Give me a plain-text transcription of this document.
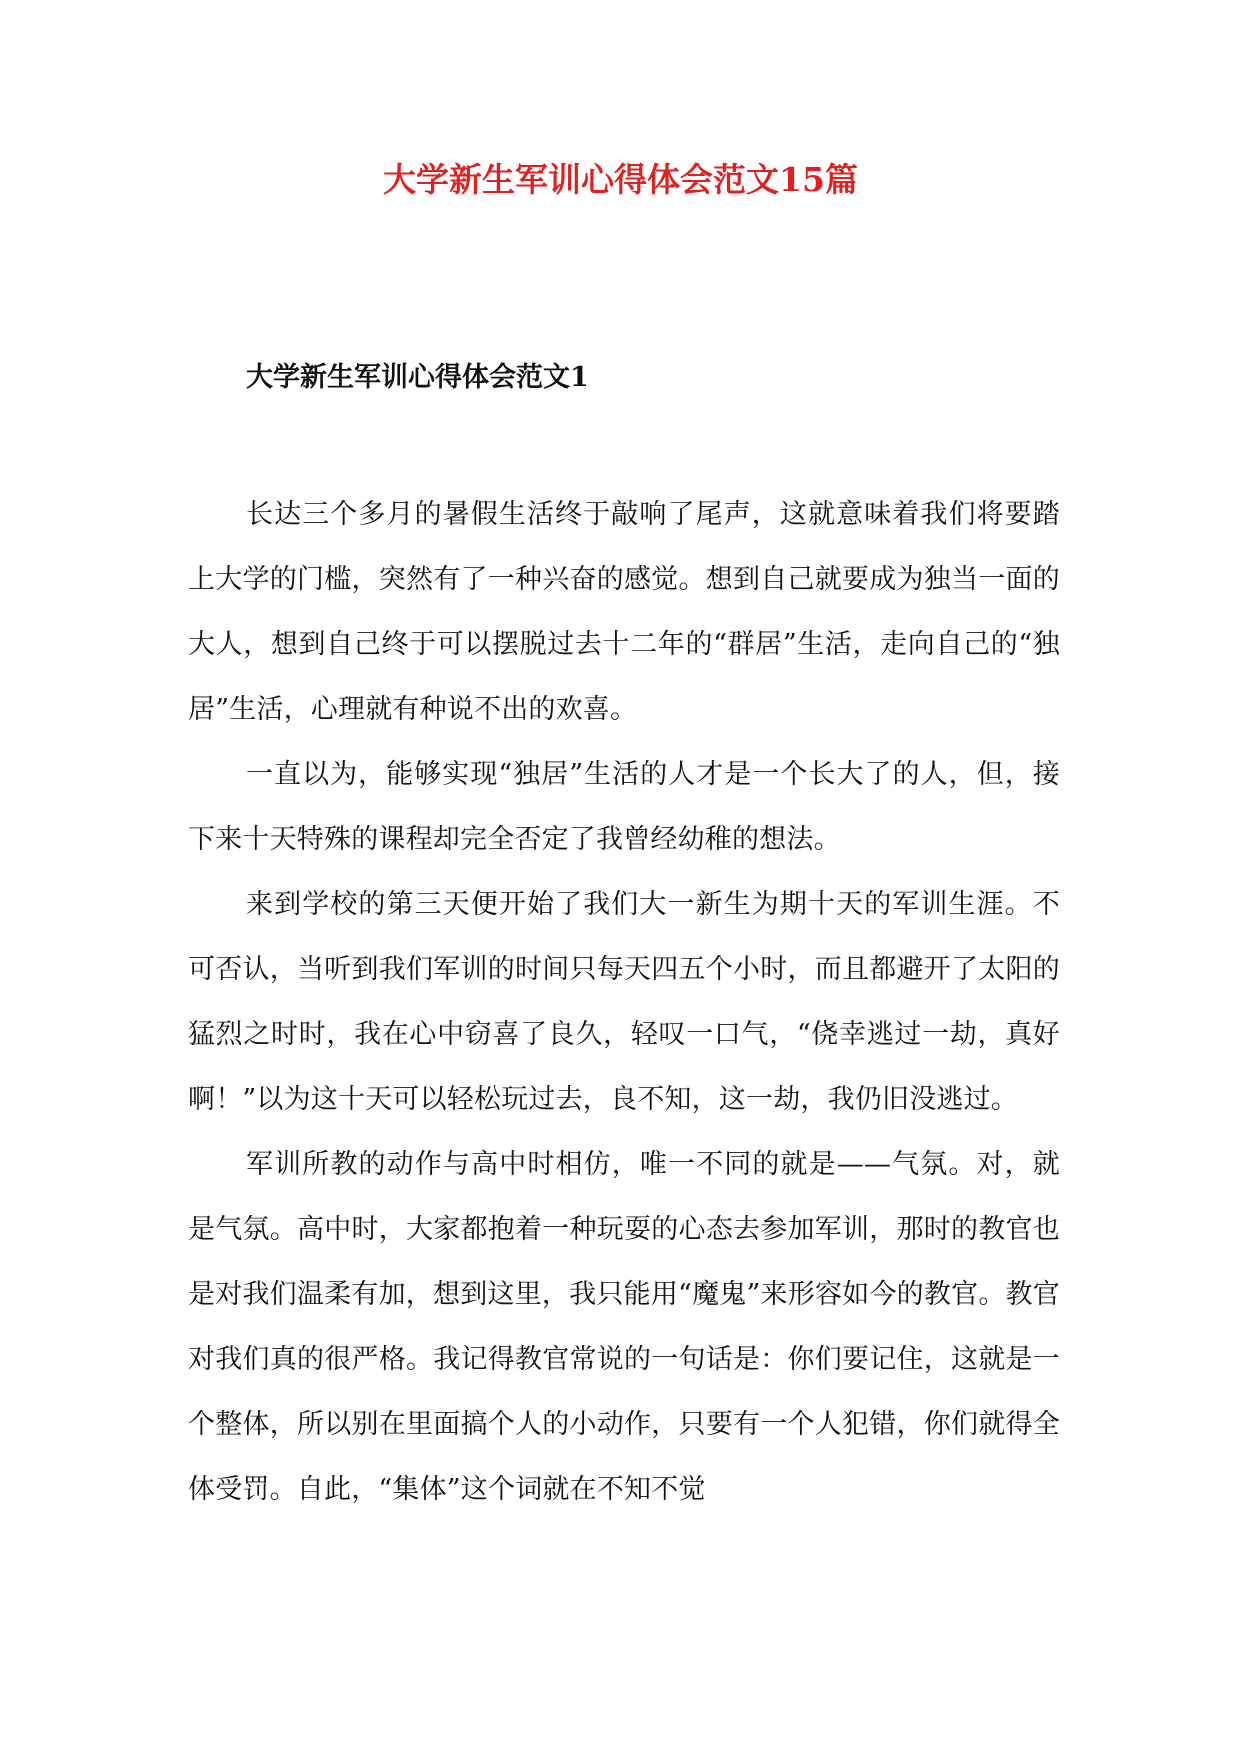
大学新生军训心得体会范文15篇
大学新生军训心得体会范文1

长达三个多月的暑假生活终于敲响了尾声，这就意味着我们将要踏上大学的门槛，突然有了一种兴奋的感觉。想到自己就要成为独当一面的大人，想到自己终于可以摆脱过去十二年的“群居”生活，走向自己的“独居”生活，心理就有种说不出的欢喜。

一直以为，能够实现“独居”生活的人才是一个长大了的人，但，接下来十天特殊的课程却完全否定了我曾经幼稚的想法。

来到学校的第三天便开始了我们大一新生为期十天的军训生涯。不可否认，当听到我们军训的时间只每天四五个小时，而且都避开了太阳的猛烈之时时，我在心中窃喜了良久，轻叹一口气，“侥幸逃过一劫，真好啊！”以为这十天可以轻松玩过去，良不知，这一劫，我仍旧没逃过。

军训所教的动作与高中时相仿，唯一不同的就是——气氛。对，就是气氛。高中时，大家都抱着一种玩耍的心态去参加军训，那时的教官也是对我们温柔有加，想到这里，我只能用“魔鬼”来形容如今的教官。教官对我们真的很严格。我记得教官常说的一句话是：你们要记住，这就是一个整体，所以别在里面搞个人的小动作，只要有一个人犯错，你们就得全体受罚。自此，“集体”这个词就在不知不觉
